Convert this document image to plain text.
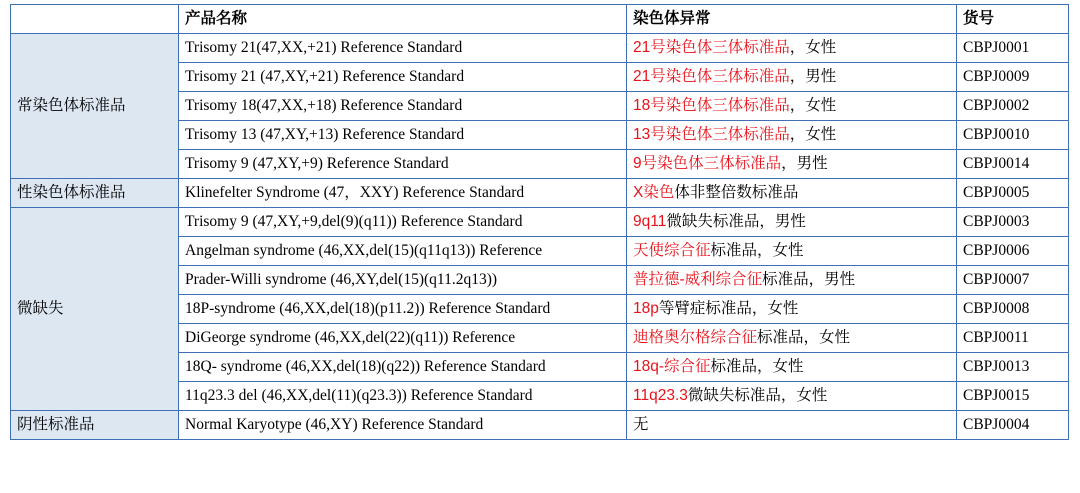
	产品名称	染色体异常	货号
常染色体标准品	Trisomy 21(47,XX,+21) Reference Standard	21号染色体三体标准品，女性	CBPJ0001
	Trisomy 21 (47,XY,+21) Reference Standard	21号染色体三体标准品，男性	CBPJ0009
	Trisomy 18(47,XX,+18) Reference Standard	18号染色体三体标准品，女性	CBPJ0002
	Trisomy 13 (47,XY,+13) Reference Standard	13号染色体三体标准品，女性	CBPJ0010
	Trisomy 9 (47,XY,+9) Reference Standard	9号染色体三体标准品，男性	CBPJ0014
性染色体标准品	Klinefelter Syndrome (47，XXY) Reference Standard	X染色体非整倍数标准品	CBPJ0005
微缺失	Trisomy 9 (47,XY,+9,del(9)(q11)) Reference Standard	9q11微缺失标准品，男性	CBPJ0003
	Angelman syndrome (46,XX,del(15)(q11q13)) Reference	天使综合征标准品，女性	CBPJ0006
	Prader-Willi syndrome (46,XY,del(15)(q11.2q13))	普拉德-威利综合征标准品，男性	CBPJ0007
	18P-syndrome (46,XX,del(18)(p11.2)) Reference Standard	18p等臂症标准品，女性	CBPJ0008
	DiGeorge syndrome (46,XX,del(22)(q11)) Reference	迪格奥尔格综合征标准品，女性	CBPJ0011
	18Q- syndrome (46,XX,del(18)(q22)) Reference Standard	18q-综合征标准品，女性	CBPJ0013
	11q23.3 del (46,XX,del(11)(q23.3)) Reference Standard	11q23.3微缺失标准品，女性	CBPJ0015
阴性标准品	Normal Karyotype (46,XY) Reference Standard	无	CBPJ0004
